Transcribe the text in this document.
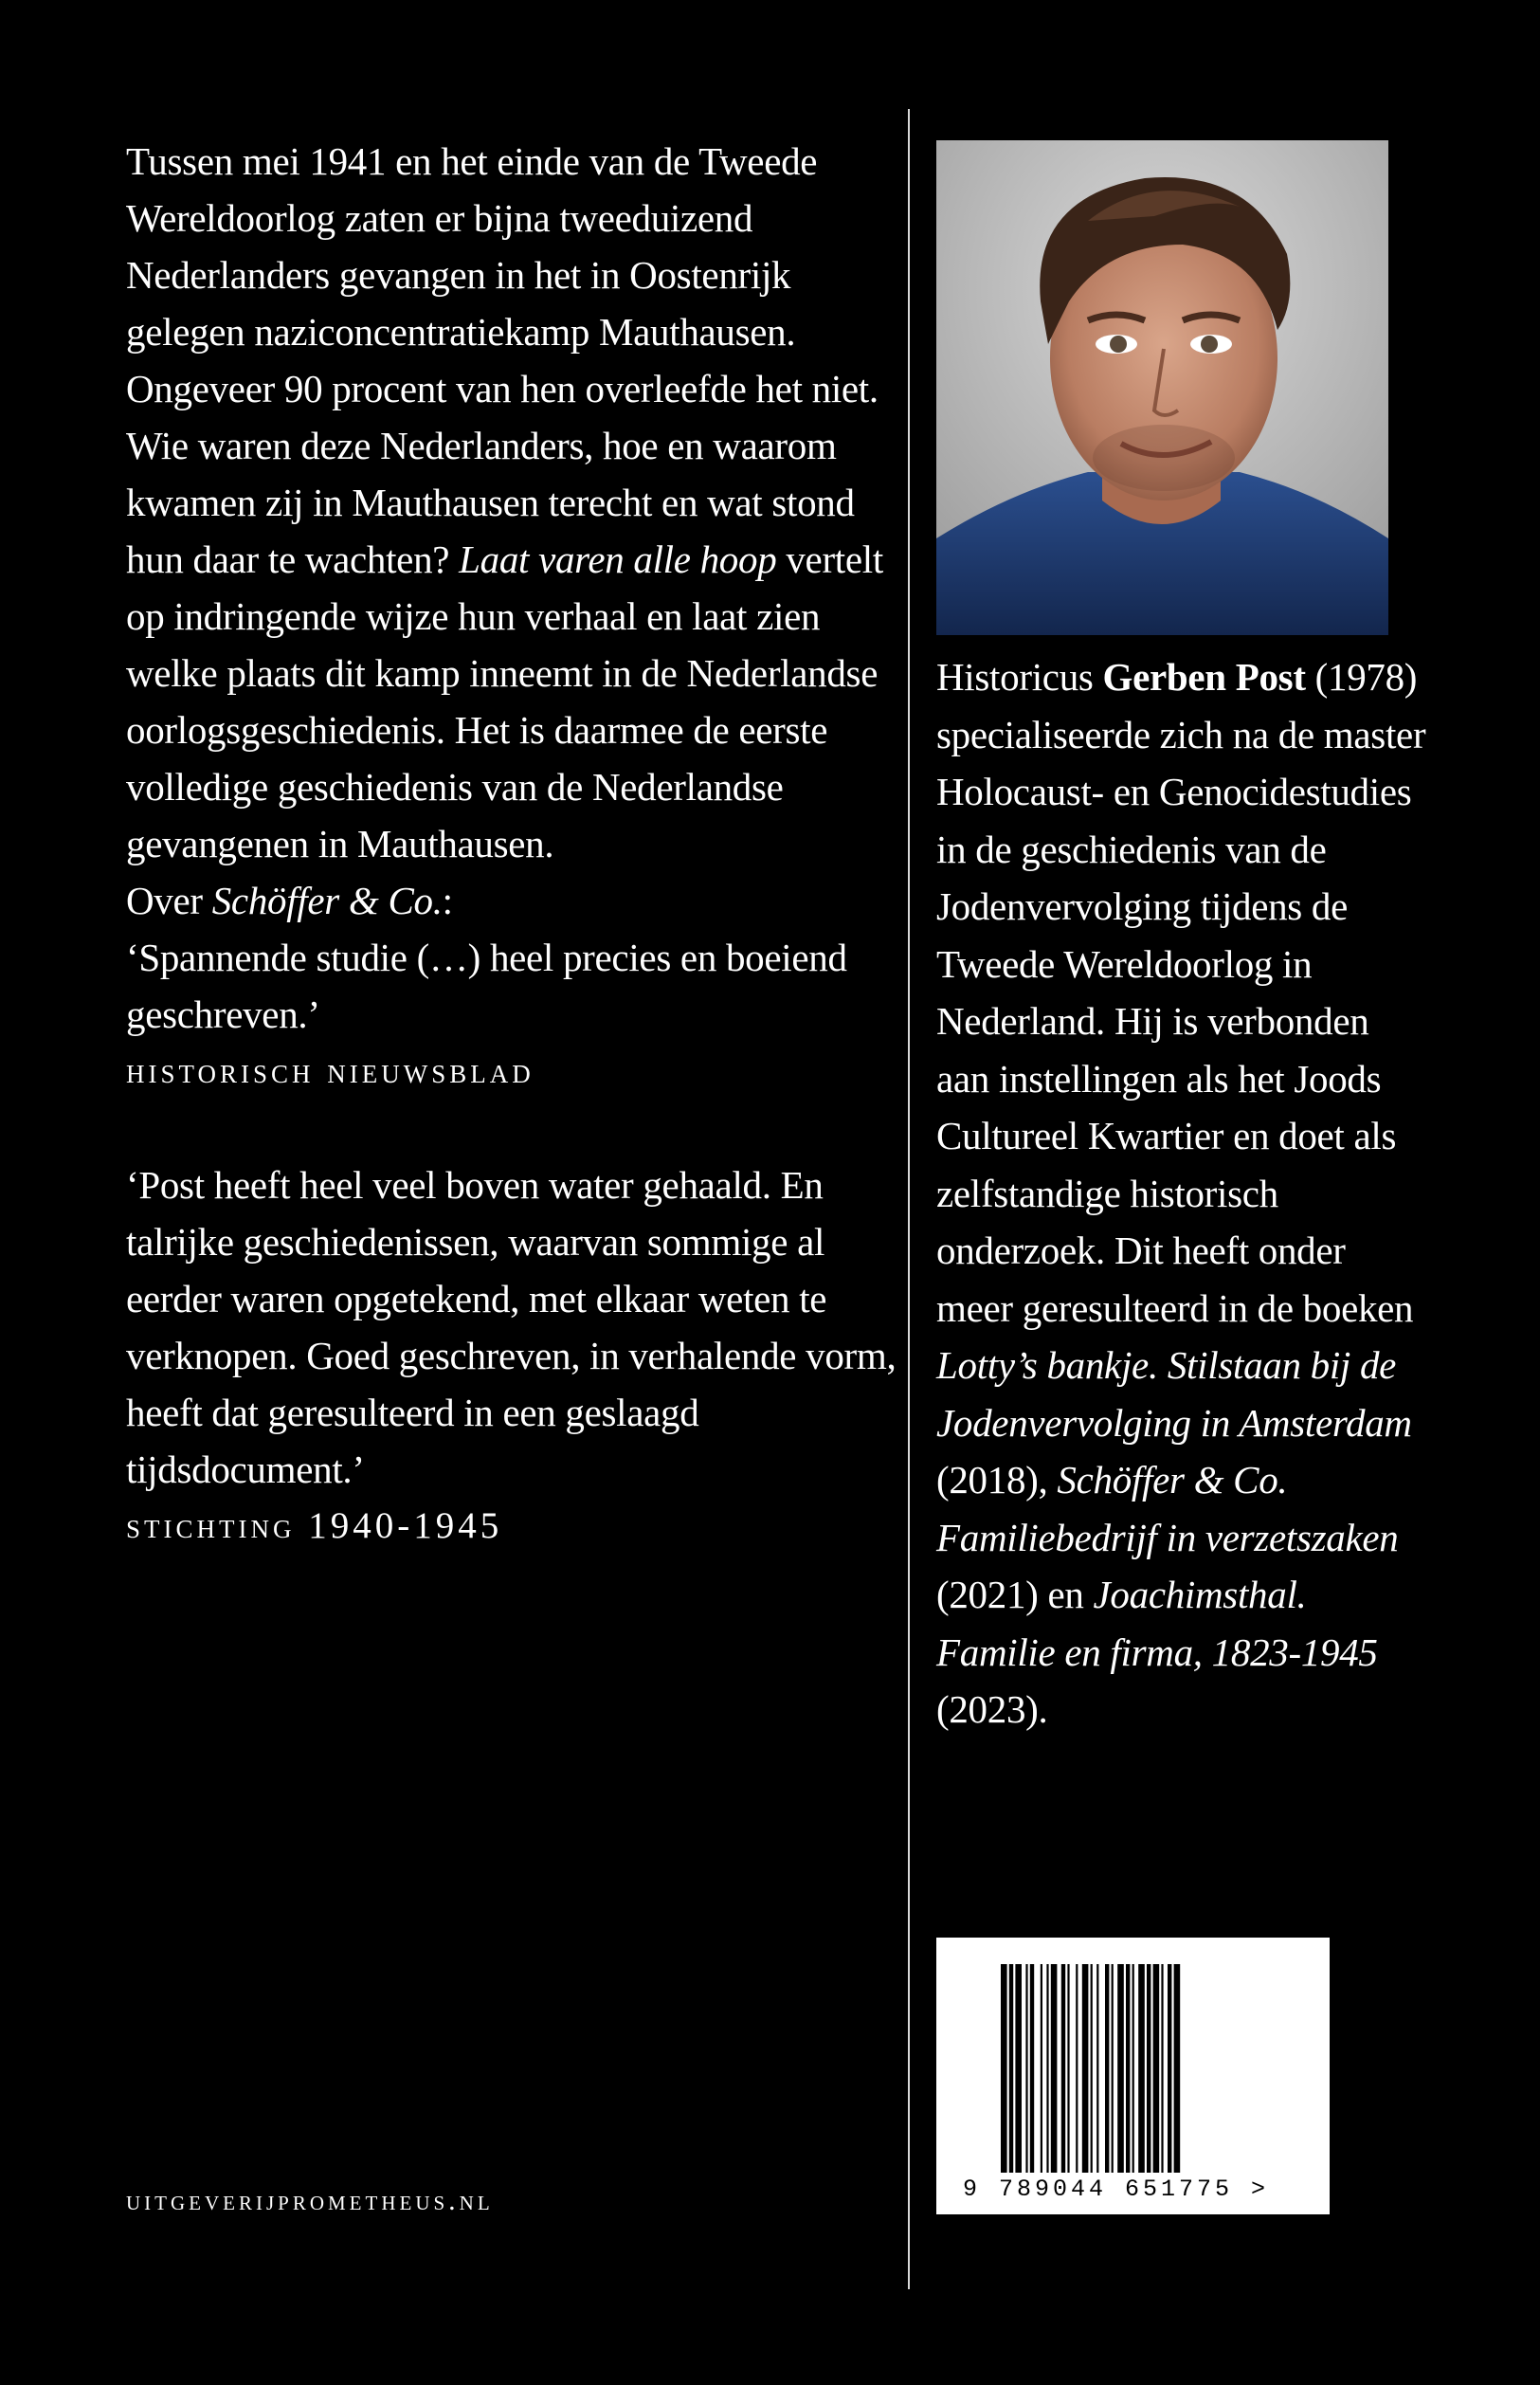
Tussen mei 1941 en het einde van de Tweede Wereldoorlog zaten er bijna tweeduizend Nederlanders gevangen in het in Oostenrijk gelegen naziconcentratiekamp Mauthausen. Ongeveer 90 procent van hen overleefde het niet. Wie waren deze Nederlanders, hoe en waarom kwamen zij in Mauthausen terecht en wat stond hun daar te wachten? Laat varen alle hoop vertelt op indringende wijze hun verhaal en laat zien welke plaats dit kamp inneemt in de Nederlandse oorlogsgeschiedenis. Het is daarmee de eerste volledige geschiedenis van de Nederlandse gevangenen in Mauthausen.

Over Schöffer & Co.:

‘Spannende studie (…) heel precies en boeiend geschreven.’

historisch nieuwsblad

‘Post heeft heel veel boven water gehaald. En talrijke geschiedenissen, waarvan sommige al eerder waren opgetekend, met elkaar weten te verknopen. Goed geschreven, in verhalende vorm, heeft dat geresulteerd in een geslaagd tijdsdocument.’

stichting 1940-1945

uitgeverijprometheus.nl

Historicus Gerben Post (1978) specialiseerde zich na de master Holocaust- en Genocidestudies in de geschiedenis van de Jodenvervolging tijdens de Tweede Wereldoorlog in Nederland. Hij is verbonden aan instellingen als het Joods Cultureel Kwartier en doet als zelfstandige historisch onderzoek. Dit heeft onder meer geresulteerd in de boeken Lotty’s bankje. Stilstaan bij de Jodenvervolging in Amsterdam (2018), Schöffer & Co. Familiebedrijf in verzetszaken (2021) en Joachimsthal. Familie en firma, 1823-1945 (2023).

9 789044 651775 >
